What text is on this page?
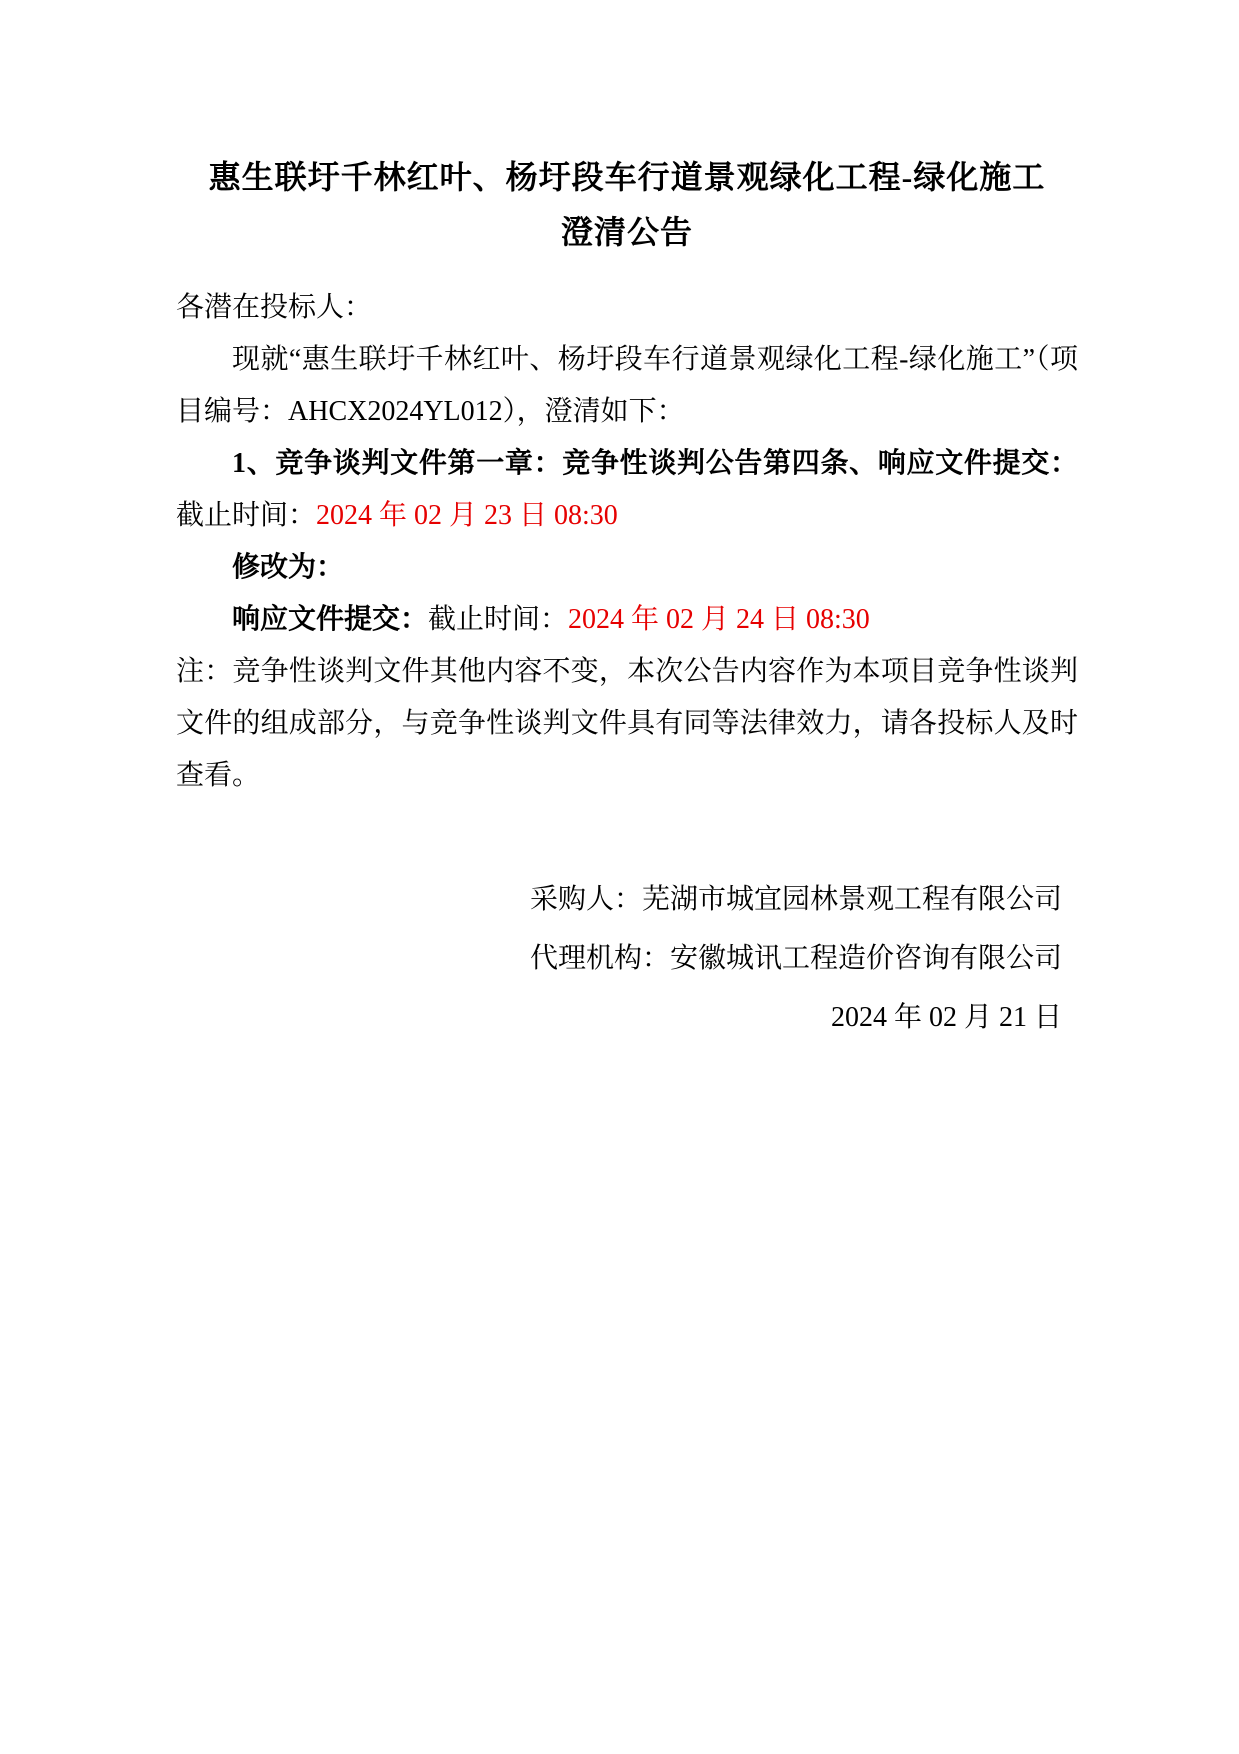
惠生联圩千林红叶、杨圩段车行道景观绿化工程-绿化施工
澄清公告

各潜在投标人：

现就“惠生联圩千林红叶、杨圩段车行道景观绿化工程-绿化施工”（项目编号：AHCX2024YL012），澄清如下：

1、竞争谈判文件第一章：竞争性谈判公告第四条、响应文件提交：截止时间：2024 年 02 月 23 日 08:30

修改为：

响应文件提交：截止时间：2024 年 02 月 24 日 08:30

注：竞争性谈判文件其他内容不变，本次公告内容作为本项目竞争性谈判文件的组成部分，与竞争性谈判文件具有同等法律效力，请各投标人及时查看。

采购人：芜湖市城宜园林景观工程有限公司

代理机构：安徽城讯工程造价咨询有限公司

2024 年 02 月 21 日
